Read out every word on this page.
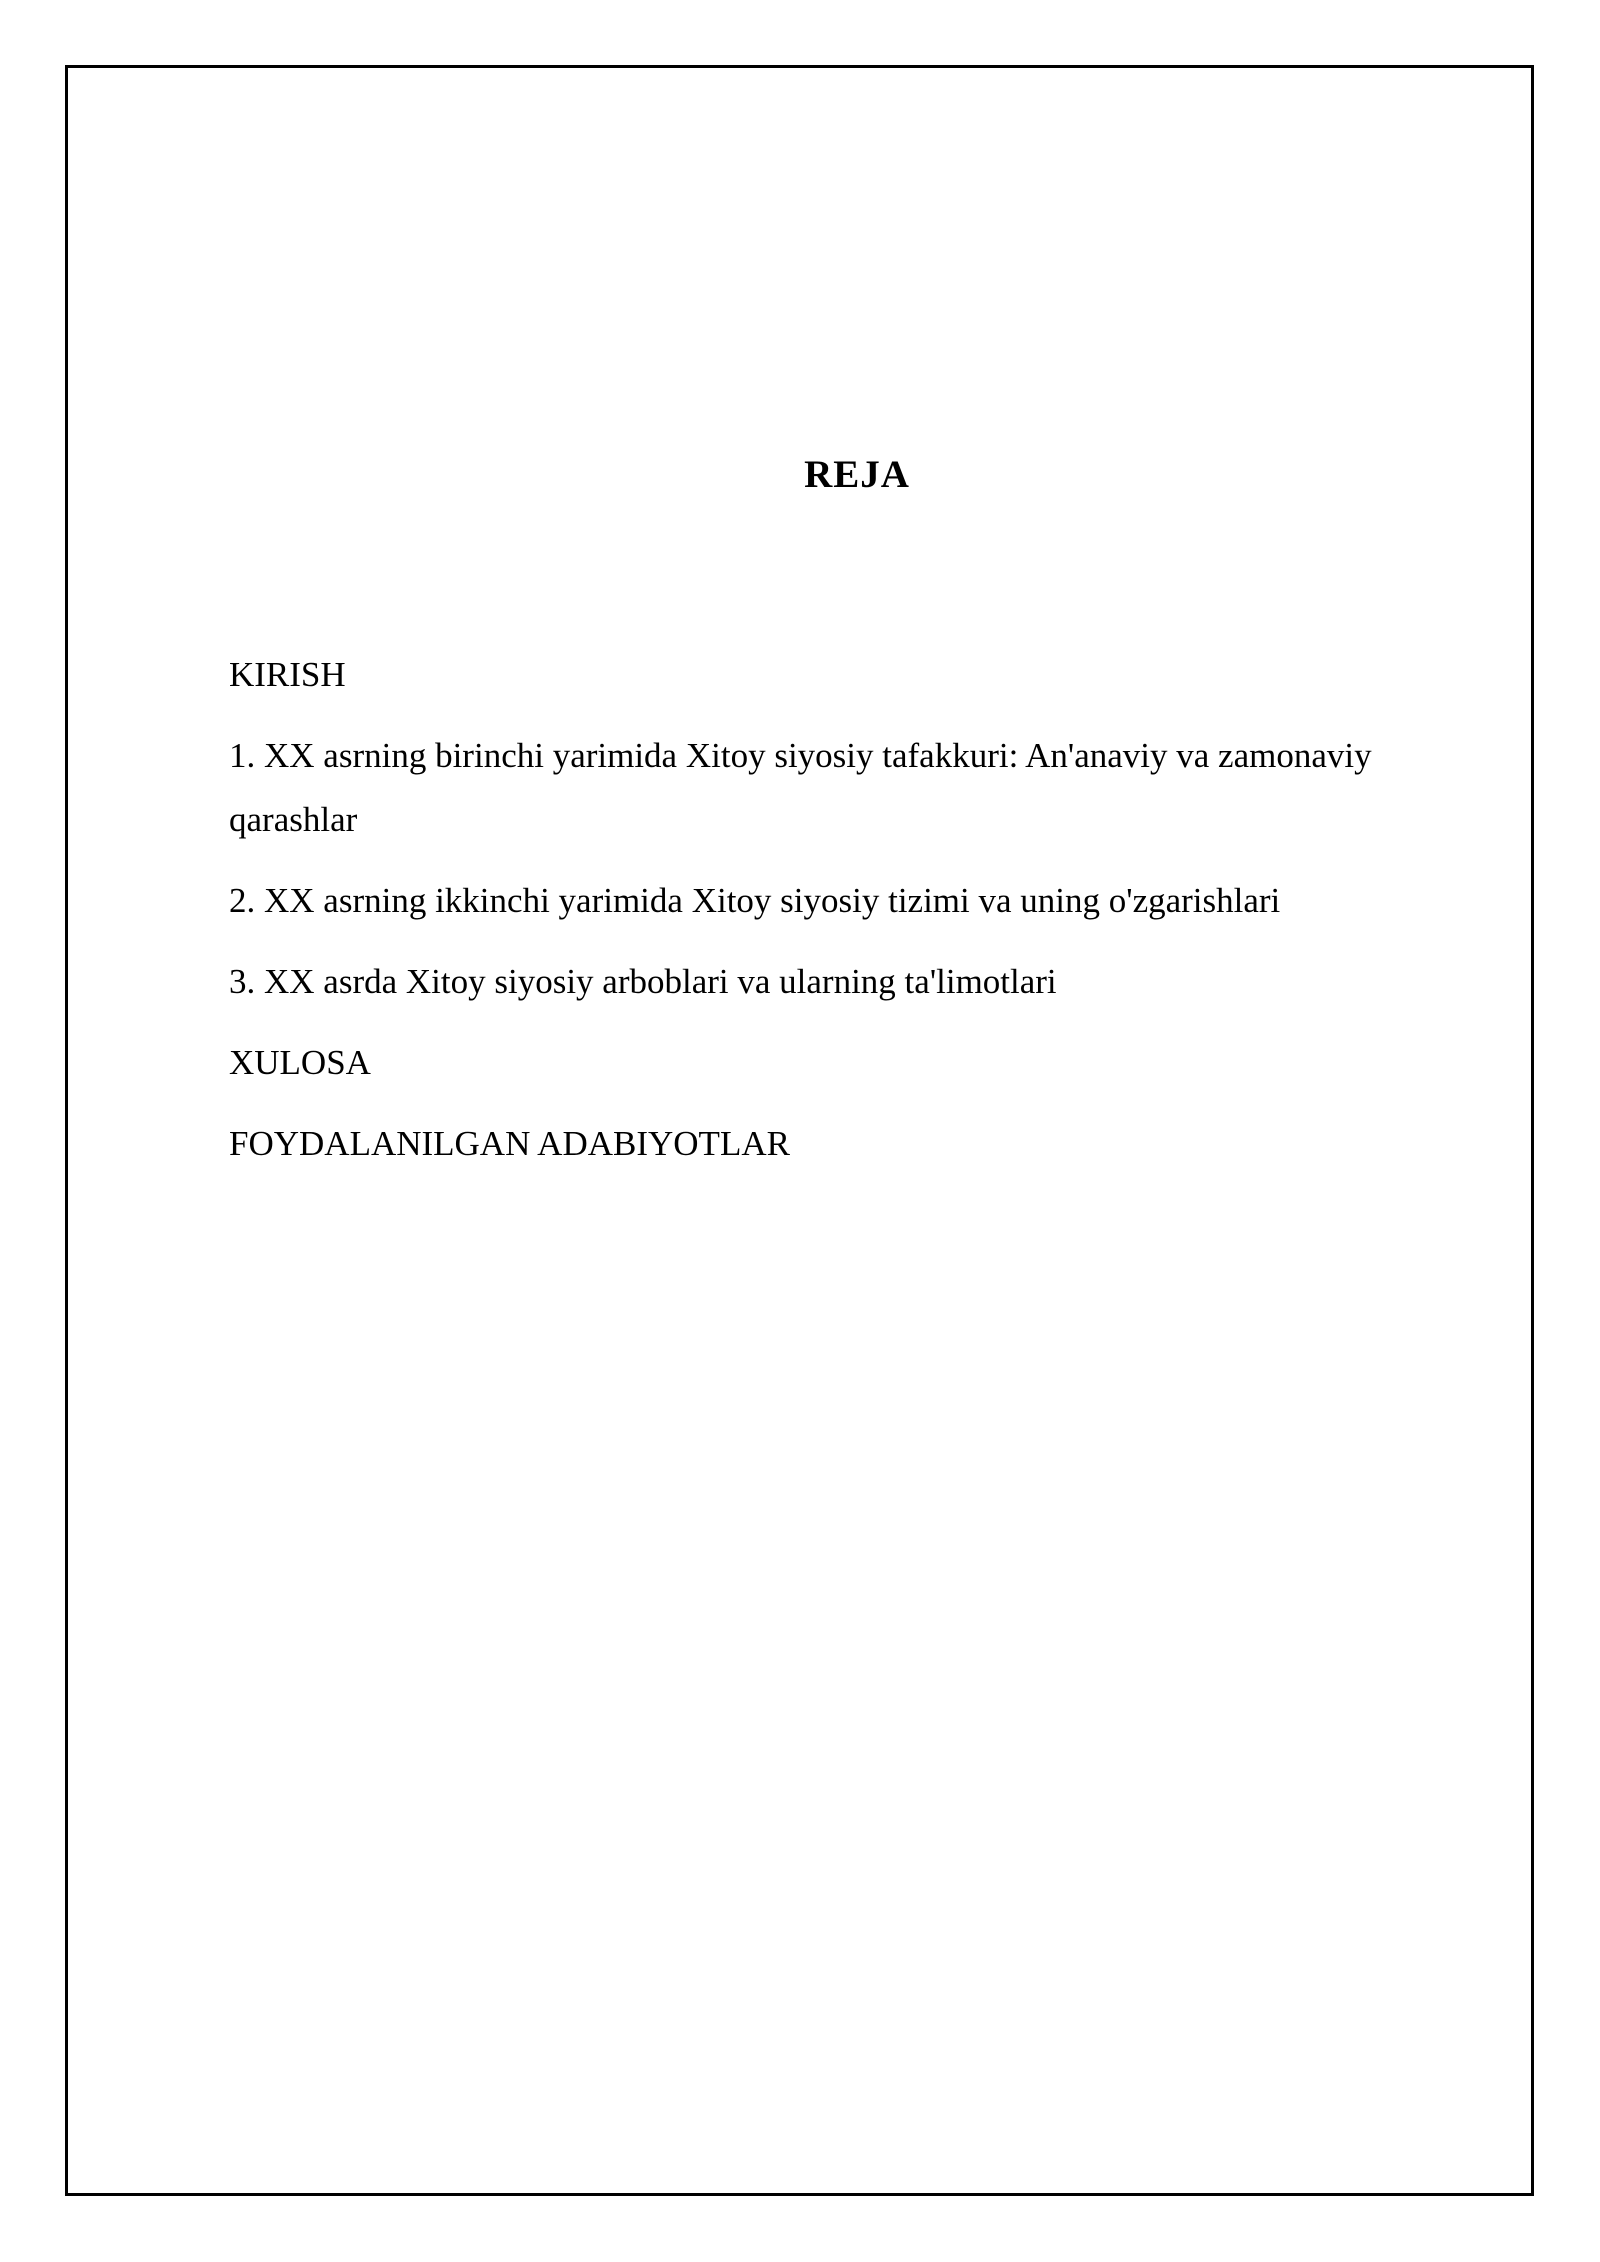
REJA

KIRISH

1. XX asrning birinchi yarimida Xitoy siyosiy tafakkuri: An'anaviy va zamonaviy qarashlar

2. XX asrning ikkinchi yarimida Xitoy siyosiy tizimi va uning o'zgarishlari

3. XX asrda Xitoy siyosiy arboblari va ularning ta'limotlari

XULOSA

FOYDALANILGAN ADABIYOTLAR
